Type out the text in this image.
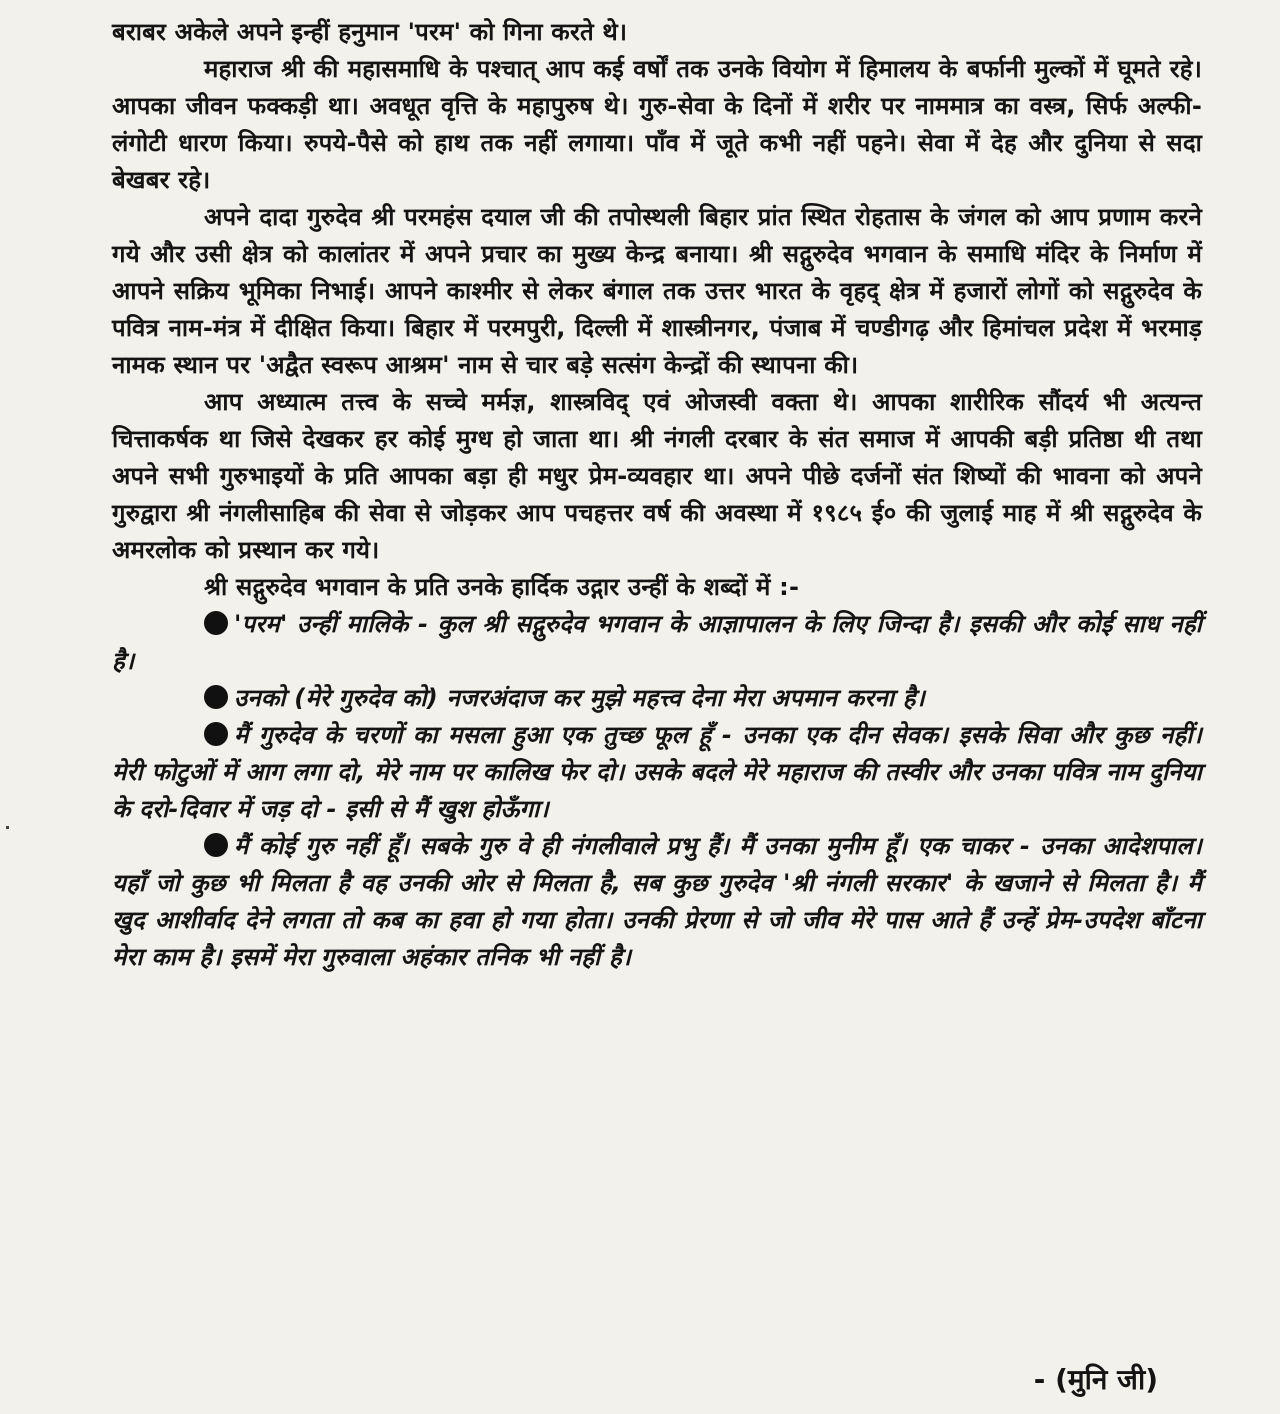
बराबर अकेले अपने इन्हीं हनुमान 'परम' को गिना करते थे।

महाराज श्री की महासमाधि के पश्चात् आप कई वर्षों तक उनके वियोग में हिमालय के बर्फानी मुल्कों में घूमते रहे। आपका जीवन फक्कड़ी था। अवधूत वृत्ति के महापुरुष थे। गुरु-सेवा के दिनों में शरीर पर नाममात्र का वस्त्र, सिर्फ अल्फी-लंगोटी धारण किया। रुपये-पैसे को हाथ तक नहीं लगाया। पाँव में जूते कभी नहीं पहने। सेवा में देह और दुनिया से सदा बेखबर रहे।

अपने दादा गुरुदेव श्री परमहंस दयाल जी की तपोस्थली बिहार प्रांत स्थित रोहतास के जंगल को आप प्रणाम करने गये और उसी क्षेत्र को कालांतर में अपने प्रचार का मुख्य केन्द्र बनाया। श्री सद्गुरुदेव भगवान के समाधि मंदिर के निर्माण में आपने सक्रिय भूमिका निभाई। आपने काश्मीर से लेकर बंगाल तक उत्तर भारत के वृहद् क्षेत्र में हजारों लोगों को सद्गुरुदेव के पवित्र नाम-मंत्र में दीक्षित किया। बिहार में परमपुरी, दिल्ली में शास्त्रीनगर, पंजाब में चण्डीगढ़ और हिमांचल प्रदेश में भरमाड़ नामक स्थान पर 'अद्वैत स्वरूप आश्रम' नाम से चार बड़े सत्संग केन्द्रों की स्थापना की।

आप अध्यात्म तत्त्व के सच्चे मर्मज्ञ, शास्त्रविद् एवं ओजस्वी वक्ता थे। आपका शारीरिक सौंदर्य भी अत्यन्त चित्ताकर्षक था जिसे देखकर हर कोई मुग्ध हो जाता था। श्री नंगली दरबार के संत समाज में आपकी बड़ी प्रतिष्ठा थी तथा अपने सभी गुरुभाइयों के प्रति आपका बड़ा ही मधुर प्रेम-व्यवहार था। अपने पीछे दर्जनों संत शिष्यों की भावना को अपने गुरुद्वारा श्री नंगलीसाहिब की सेवा से जोड़कर आप पचहत्तर वर्ष की अवस्था में १९८५ ई० की जुलाई माह में श्री सद्गुरुदेव के अमरलोक को प्रस्थान कर गये।

श्री सद्गुरुदेव भगवान के प्रति उनके हार्दिक उद्गार उन्हीं के शब्दों में :-

'परम' उन्हीं मालिके - कुल श्री सद्गुरुदेव भगवान के आज्ञापालन के लिए जिन्दा है। इसकी और कोई साध नहीं है।

उनको (मेरे गुरुदेव को) नजरअंदाज कर मुझे महत्त्व देना मेरा अपमान करना है।

मैं गुरुदेव के चरणों का मसला हुआ एक तुच्छ फूल हूँ - उनका एक दीन सेवक। इसके सिवा और कुछ नहीं। मेरी फोटुओं में आग लगा दो, मेरे नाम पर कालिख फेर दो। उसके बदले मेरे महाराज की तस्वीर और उनका पवित्र नाम दुनिया के दरो-दिवार में जड़ दो - इसी से मैं खुश होऊँगा।

मैं कोई गुरु नहीं हूँ। सबके गुरु वे ही नंगलीवाले प्रभु हैं। मैं उनका मुनीम हूँ। एक चाकर - उनका आदेशपाल। यहाँ जो कुछ भी मिलता है वह उनकी ओर से मिलता है, सब कुछ गुरुदेव 'श्री नंगली सरकार' के खजाने से मिलता है। मैं खुद आशीर्वाद देने लगता तो कब का हवा हो गया होता। उनकी प्रेरणा से जो जीव मेरे पास आते हैं उन्हें प्रेम-उपदेश बाँटना मेरा काम है। इसमें मेरा गुरुवाला अहंकार तनिक भी नहीं है।

- (मुनि जी)
